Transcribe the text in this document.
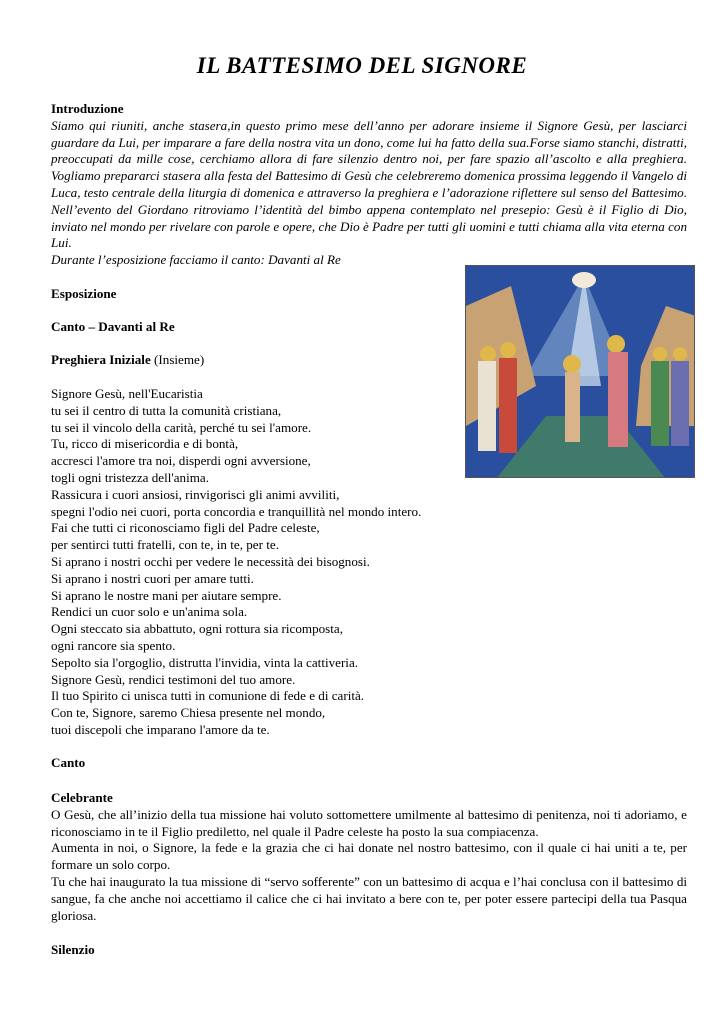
IL BATTESIMO DEL SIGNORE
Introduzione
Siamo qui riuniti, anche stasera,in questo primo mese dell’anno per adorare insieme il Signore Gesù, per lasciarci guardare da Lui, per imparare a fare della nostra vita un dono, come lui ha fatto della sua.Forse siamo stanchi, distratti, preoccupati da mille cose, cerchiamo allora di fare silenzio dentro noi, per fare spazio all’ascolto e alla preghiera. Vogliamo prepararci stasera alla festa del Battesimo di Gesù che celebreremo domenica prossima leggendo il Vangelo di Luca, testo centrale della liturgia di domenica e attraverso la preghiera e l’adorazione riflettere sul senso del Battesimo. Nell’evento del Giordano ritroviamo l’identità del bimbo appena contemplato nel presepio: Gesù è il Figlio di Dio, inviato nel mondo per rivelare con parole e opere, che Dio è Padre per tutti gli uomini e tutti chiama alla vita eterna con Lui.
Durante l’esposizione facciamo il canto: Davanti al Re
Esposizione
Canto – Davanti al Re
Preghiera Iniziale (Insieme)
Signore Gesù, nell'Eucaristia
tu sei il centro di tutta la comunità cristiana,
tu sei il vincolo della carità, perché tu sei l'amore.
Tu, ricco di misericordia e di bontà,
accresci l'amore tra noi, disperdi ogni avversione,
togli ogni tristezza dell'anima.
Rassicura i cuori ansiosi, rinvigorisci gli animi avviliti,
spegni l'odio nei cuori, porta concordia e tranquillità nel mondo intero.
Fai che tutti ci riconosciamo figli del Padre celeste,
per sentirci tutti fratelli, con te, in te, per te.
Si aprano i nostri occhi per vedere le necessità dei bisognosi.
Si aprano i nostri cuori per amare tutti.
Si aprano le nostre mani per aiutare sempre.
Rendici un cuor solo e un'anima sola.
Ogni steccato sia abbattuto, ogni rottura sia ricomposta,
ogni rancore sia spento.
Sepolto sia l'orgoglio, distrutta l'invidia, vinta la cattiveria.
Signore Gesù, rendici testimoni del tuo amore.
Il tuo Spirito ci unisca tutti in comunione di fede e di carità.
Con te, Signore, saremo Chiesa presente nel mondo,
tuoi discepoli che imparano l'amore da te.
Canto
Celebrante

O Gesù, che all’inizio della tua missione hai voluto sottomettere umilmente al battesimo di penitenza, noi ti adoriamo, e riconosciamo in te il Figlio prediletto, nel quale il Padre celeste ha posto la sua compiacenza.

Aumenta in noi, o Signore, la fede e la grazia che ci hai donate nel nostro battesimo, con il quale ci hai uniti a te, per formare un solo corpo.

Tu che hai inaugurato la tua missione di “servo sofferente” con un battesimo di acqua e l’hai conclusa con il battesimo di sangue, fa che anche noi accettiamo il calice che ci hai invitato a bere con te, per poter essere partecipi della tua Pasqua gloriosa.

Silenzio
